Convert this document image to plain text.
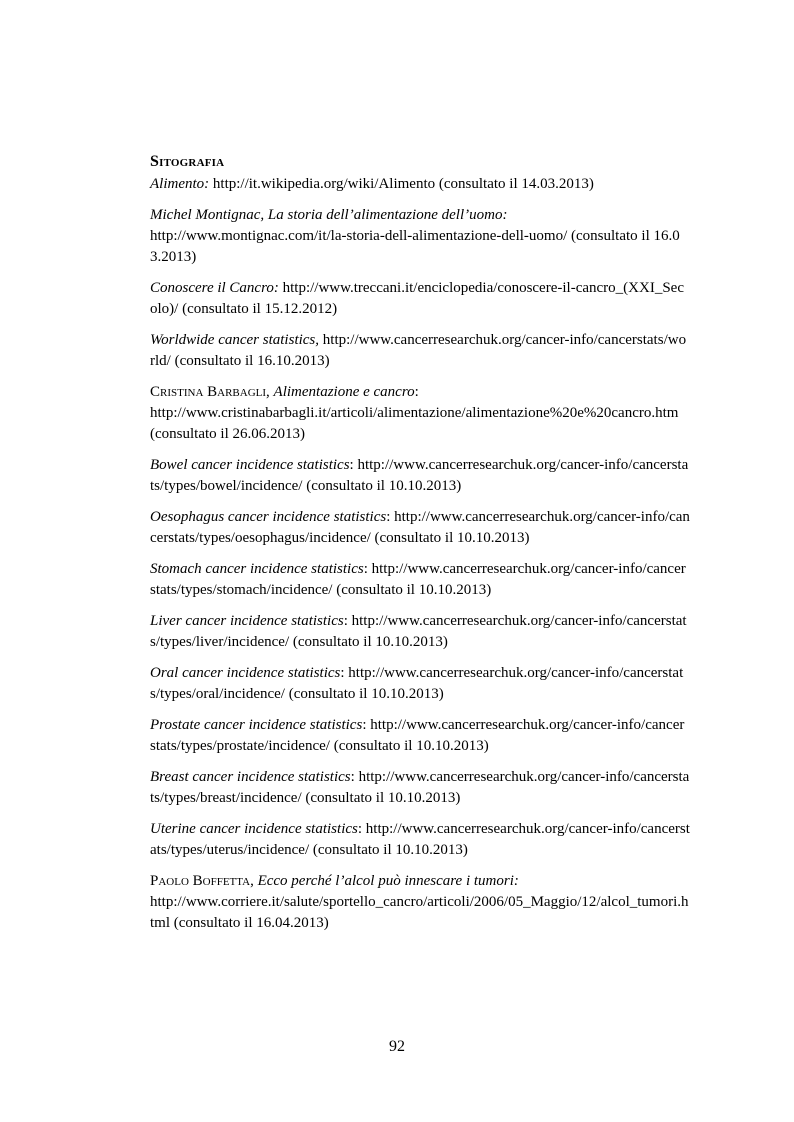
Sitografia

Alimento: http://it.wikipedia.org/wiki/Alimento (consultato il 14.03.2013)

Michel Montignac, La storia dell’alimentazione dell’uomo:
http://www.montignac.com/it/la-storia-dell-alimentazione-dell-uomo/ (consultato il 16.03.2013)

Conoscere il Cancro: http://www.treccani.it/enciclopedia/conoscere-il-cancro_(XXI_Secolo)/ (consultato il 15.12.2012)

Worldwide cancer statistics, http://www.cancerresearchuk.org/cancer-info/cancerstats/world/ (consultato il 16.10.2013)

Cristina Barbagli, Alimentazione e cancro:
http://www.cristinabarbagli.it/articoli/alimentazione/alimentazione%20e%20cancro.htm (consultato il 26.06.2013)

Bowel cancer incidence statistics: http://www.cancerresearchuk.org/cancer-info/cancerstats/types/bowel/incidence/ (consultato il 10.10.2013)

Oesophagus cancer incidence statistics: http://www.cancerresearchuk.org/cancer-info/cancerstats/types/oesophagus/incidence/ (consultato il 10.10.2013)

Stomach cancer incidence statistics: http://www.cancerresearchuk.org/cancer-info/cancerstats/types/stomach/incidence/ (consultato il 10.10.2013)

Liver cancer incidence statistics: http://www.cancerresearchuk.org/cancer-info/cancerstats/types/liver/incidence/ (consultato il 10.10.2013)

Oral cancer incidence statistics: http://www.cancerresearchuk.org/cancer-info/cancerstats/types/oral/incidence/ (consultato il 10.10.2013)

Prostate cancer incidence statistics: http://www.cancerresearchuk.org/cancer-info/cancerstats/types/prostate/incidence/ (consultato il 10.10.2013)

Breast cancer incidence statistics: http://www.cancerresearchuk.org/cancer-info/cancerstats/types/breast/incidence/ (consultato il 10.10.2013)

Uterine cancer incidence statistics: http://www.cancerresearchuk.org/cancer-info/cancerstats/types/uterus/incidence/ (consultato il 10.10.2013)

Paolo Boffetta, Ecco perché l’alcol può innescare i tumori:
http://www.corriere.it/salute/sportello_cancro/articoli/2006/05_Maggio/12/alcol_tumori.html (consultato il 16.04.2013)

92
